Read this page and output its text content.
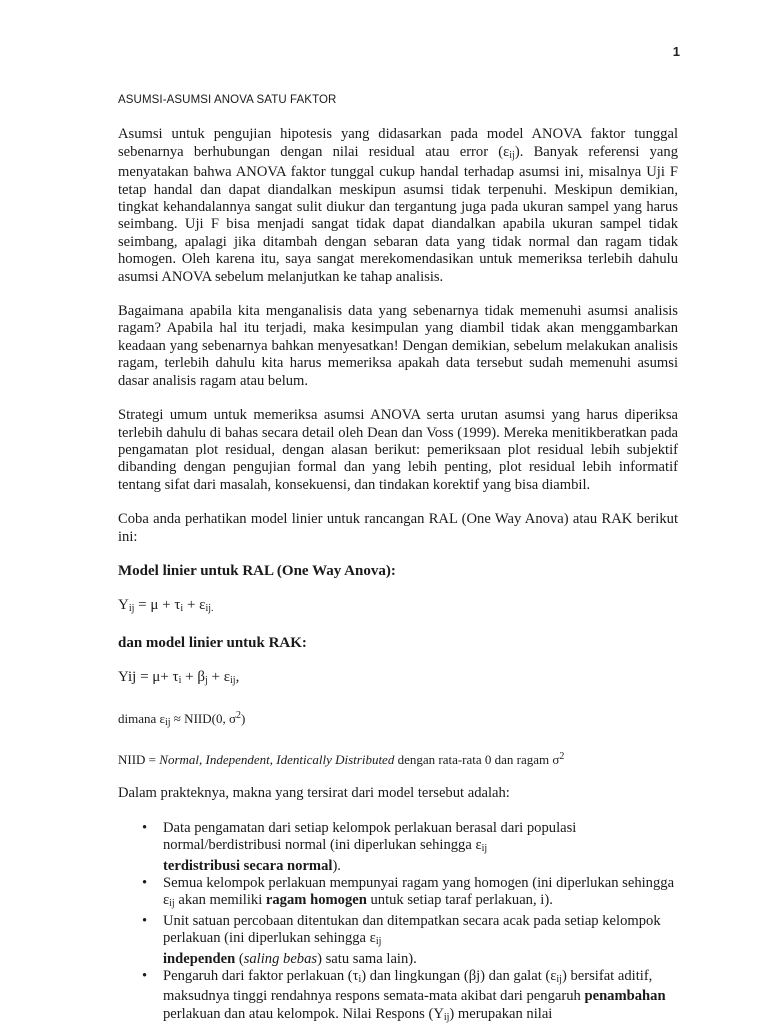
1
ASUMSI-ASUMSI ANOVA SATU FAKTOR

Asumsi untuk pengujian hipotesis yang didasarkan pada model ANOVA faktor tunggal sebenarnya berhubungan dengan nilai residual atau error $(\varepsilon_{ij})$. Banyak referensi yang menyatakan bahwa ANOVA faktor tunggal cukup handal terhadap asumsi ini, misalnya Uji F tetap handal dan dapat diandalkan meskipun asumsi tidak terpenuhi. Meskipun demikian, tingkat kehandalannya sangat sulit diukur dan tergantung juga pada ukuran sampel yang harus seimbang. Uji F bisa menjadi sangat tidak dapat diandalkan apabila ukuran sampel tidak seimbang, apalagi jika ditambah dengan sebaran data yang tidak normal dan ragam tidak homogen. Oleh karena itu, saya sangat merekomendasikan untuk memeriksa terlebih dahulu asumsi ANOVA sebelum melanjutkan ke tahap analisis.

Bagaimana apabila kita menganalisis data yang sebenarnya tidak memenuhi asumsi analisis ragam? Apabila hal itu terjadi, maka kesimpulan yang diambil tidak akan menggambarkan keadaan yang sebenarnya bahkan menyesatkan! Dengan demikian, sebelum melakukan analisis ragam, terlebih dahulu kita harus memeriksa apakah data tersebut sudah memenuhi asumsi dasar analisis ragam atau belum.

Strategi umum untuk memeriksa asumsi ANOVA serta urutan asumsi yang harus diperiksa terlebih dahulu di bahas secara detail oleh Dean dan Voss (1999). Mereka menitikberatkan pada pengamatan plot residual, dengan alasan berikut: pemeriksaan plot residual lebih subjektif dibanding dengan pengujian formal dan yang lebih penting, plot residual lebih informatif tentang sifat dari masalah, konsekuensi, dan tindakan korektif yang bisa diambil.

Coba anda perhatikan model linier untuk rancangan RAL (One Way Anova) atau RAK berikut ini:

Model linier untuk RAL (One Way Anova):
$Y_{ij} = \mu + \tau_i + \varepsilon_{ij.}$
dan model linier untuk RAK:
Yij = $\mu+ \tau_i + \beta_j + \varepsilon_{ij}$,
dimana $\varepsilon_{ij}$ ≈ NIID(0, $\sigma^2$)
NIID = Normal, Independent, Identically Distributed dengan rata-rata 0 dan ragam $\sigma^2$

Dalam prakteknya, makna yang tersirat dari model tersebut adalah:

• Data pengamatan dari setiap kelompok perlakuan berasal dari populasi normal/berdistribusi normal (ini diperlukan sehingga $\varepsilon_{ij}$
terdistribusi secara normal).
• Semua kelompok perlakuan mempunyai ragam yang homogen (ini diperlukan sehingga $\varepsilon_{ij}$ akan memiliki ragam homogen untuk setiap taraf perlakuan, i).
• Unit satuan percobaan ditentukan dan ditempatkan secara acak pada setiap kelompok perlakuan (ini diperlukan sehingga $\varepsilon_{ij}$
independen (saling bebas) satu sama lain).
• Pengaruh dari faktor perlakuan $(\tau_i)$ dan lingkungan (βj) dan galat $(\varepsilon_{ij})$ bersifat aditif, maksudnya tinggi rendahnya respons semata-mata akibat dari pengaruh penambahan perlakuan dan atau kelompok. Nilai Respons $(Y_{ij})$ merupakan nilai
